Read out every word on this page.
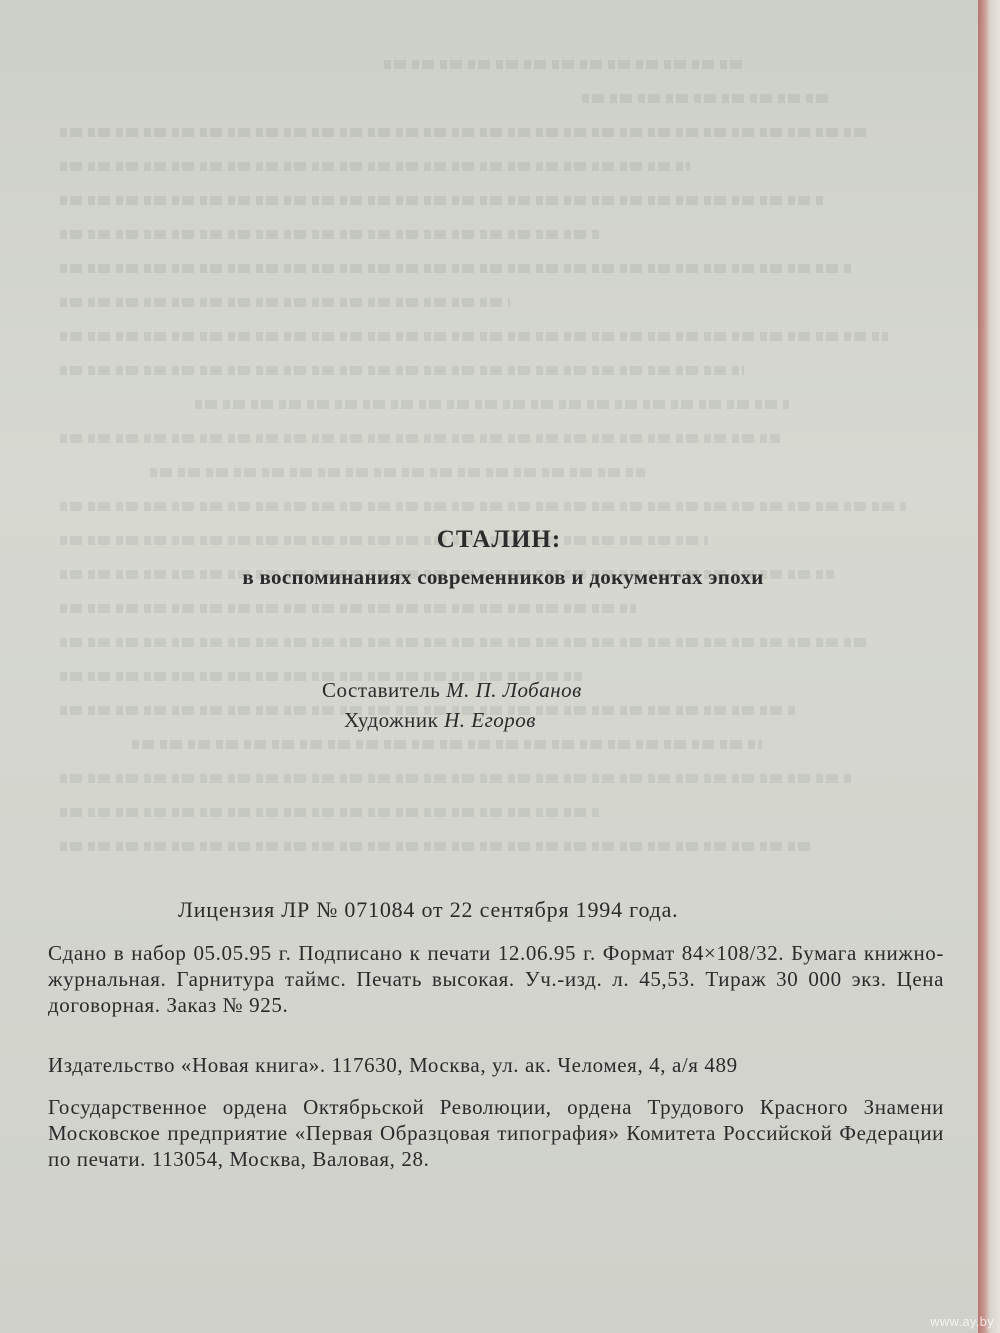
СТАЛИН:
в воспоминаниях современников и документах эпохи
Составитель М. П. Лобанов
Художник Н. Егоров
Лицензия ЛР № 071084 от 22 сентября 1994 года.
Сдано в набор 05.05.95 г. Подписано к печати 12.06.95 г. Формат 84×108/32. Бумага книжно-журнальная. Гарнитура таймс. Печать высокая. Уч.-изд. л. 45,53. Тираж 30 000 экз. Цена договорная. Заказ № 925.
Издательство «Новая книга». 117630, Москва, ул. ак. Челомея, 4, а/я 489
Государственное ордена Октябрьской Революции, ордена Трудового Красного Знамени Московское предприятие «Первая Образцовая типография» Комитета Российской Федерации по печати. 113054, Москва, Валовая, 28.
www.ay.by
